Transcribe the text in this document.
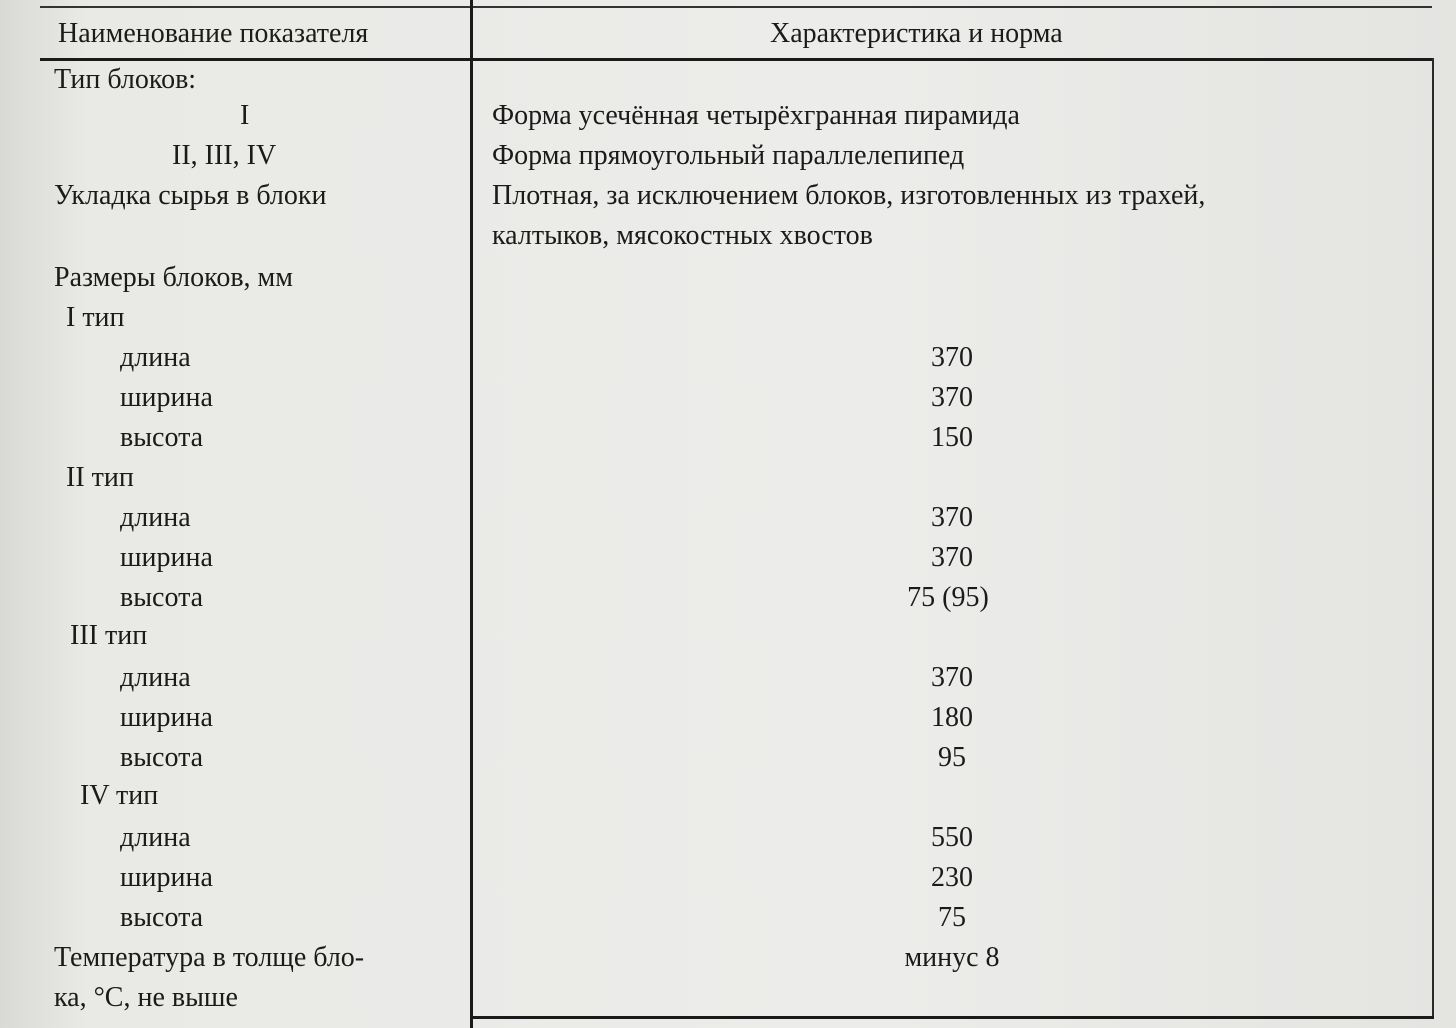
Наименование показателя	Характеристика и норма
Тип блоков:
I
II, III, IV
Укладка сырья в блоки
Размеры блоков, мм
I тип
длина
ширина
высота
II тип
длина
ширина
высота
III тип
длина
ширина
высота
IV тип
длина
ширина
высота
Температура в толще бло-
ка, °С, не выше
Форма усечённая четырёхгранная пирамида
Форма прямоугольный параллелепипед
Плотная, за исключением блоков, изготовленных из трахей,
калтыков, мясокостных хвостов
370
370
150
370
370
75 (95)
370
180
95
550
230
75
минус 8
